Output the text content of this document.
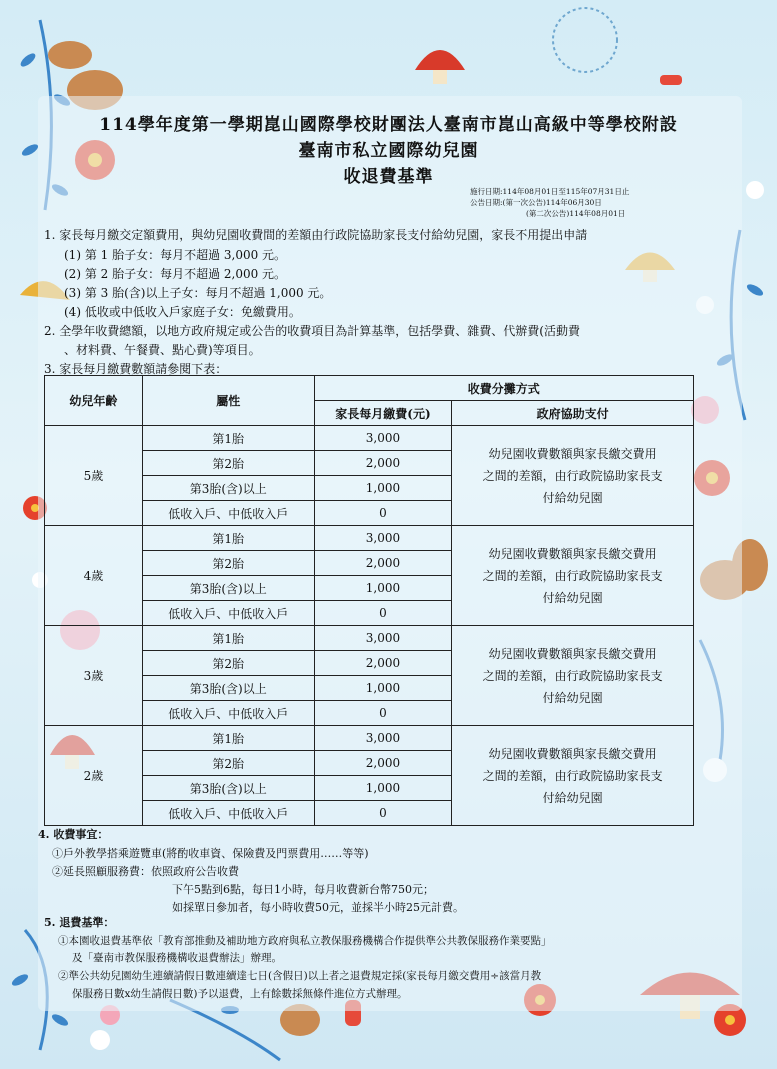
114學年度第一學期崑山國際學校財團法人臺南市崑山高級中等學校附設
臺南市私立國際幼兒園
收退費基準
施行日期:114年08月01日至115年07月31日止
公告日期:(第一次公告)114年06月30日
(第二次公告)114年08月01日
1. 家長每月繳交定額費用，與幼兒園收費間的差額由行政院協助家長支付給幼兒園，家長不用提出申請
(1) 第 1 胎子女：每月不超過 3,000 元。
(2) 第 2 胎子女：每月不超過 2,000 元。
(3) 第 3 胎(含)以上子女：每月不超過 1,000 元。
(4) 低收或中低收入戶家庭子女：免繳費用。
2. 全學年收費總額，以地方政府規定或公告的收費項目為計算基準，包括學費、雜費、代辦費(活動費
、材料費、午餐費、點心費)等項目。
3. 家長每月繳費數額請參閱下表：
幼兒年齡	屬性	收費分攤方式	
		家長每月繳費(元)	政府協助支付
5歲	第1胎	3,000	幼兒園收費數額與家長繳交費用
之間的差額，由行政院協助家長支
付給幼兒園

	第2胎	2,000	
	第3胎(含)以上	1,000	
	低收入戶、中低收入戶	0	
4歲	第1胎	3,000	幼兒園收費數額與家長繳交費用
之間的差額，由行政院協助家長支
付給幼兒園

	第2胎	2,000	
	第3胎(含)以上	1,000	
	低收入戶、中低收入戶	0	
3歲	第1胎	3,000	幼兒園收費數額與家長繳交費用
之間的差額，由行政院協助家長支
付給幼兒園

	第2胎	2,000	
	第3胎(含)以上	1,000	
	低收入戶、中低收入戶	0	
2歲	第1胎	3,000	幼兒園收費數額與家長繳交費用
之間的差額，由行政院協助家長支
付給幼兒園

	第2胎	2,000	
	第3胎(含)以上	1,000	
	低收入戶、中低收入戶	0	
4. 收費事宜：
①戶外教學搭乘遊覽車(將酌收車資、保險費及門票費用……等等)
②延長照顧服務費：依照政府公告收費
下午5點到6點，每日1小時，每月收費新台幣750元；
如採單日參加者，每小時收費50元，並採半小時25元計費。
5. 退費基準：
①本園收退費基準依「教育部推動及補助地方政府與私立教保服務機構合作提供準公共教保服務作業要點」
及「臺南市教保服務機構收退費辦法」辦理。
②準公共幼兒園幼生連續請假日數連續達七日(含假日)以上者之退費規定採(家長每月繳交費用÷該當月教
保服務日數x幼生請假日數)予以退費，上有餘數採無條件進位方式辦理。
